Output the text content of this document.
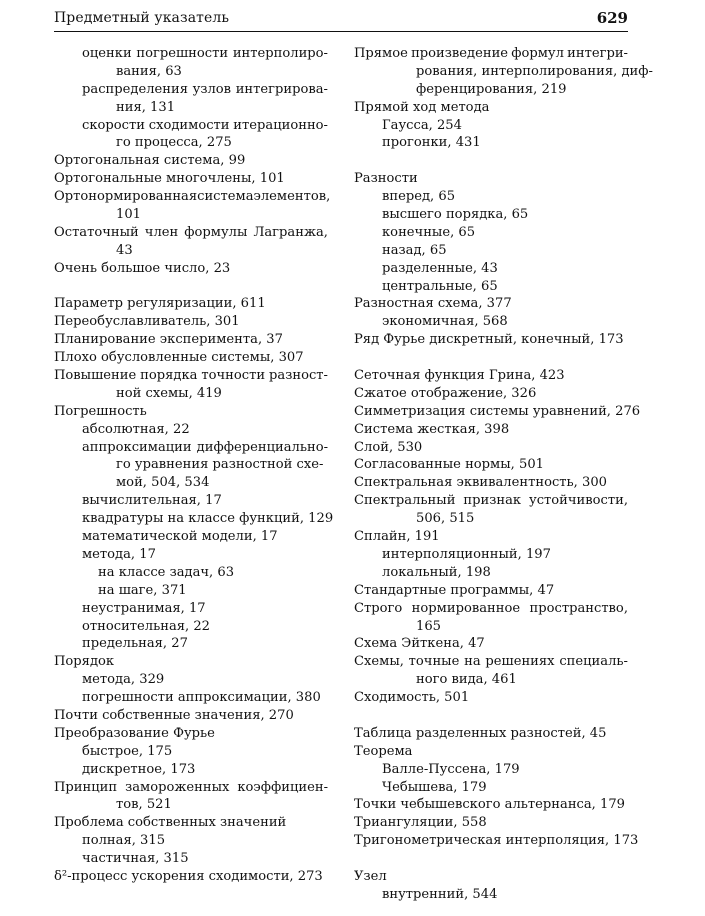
Предметный указатель	629
оценки погрешности интерполиро-
вания, 63
распределения узлов интегрирова-
ния, 131
скорости сходимости итерационно-
го процесса, 275
Ортогональная система, 99
Ортогональные многочлены, 101
Ортонормированная система элементов,
101
Остаточный член формулы Лагранжа,
43
Очень большое число, 23
Параметр регуляризации, 611
Переобуславливатель, 301
Планирование эксперимента, 37
Плохо обусловленные системы, 307
Повышение порядка точности разност-
ной схемы, 419
Погрешность
абсолютная, 22
аппроксимации дифференциально-
го уравнения разностной схе-
мой, 504, 534
вычислительная, 17
квадратуры на классе функций, 129
математической модели, 17
метода, 17
на классе задач, 63
на шаге, 371
неустранимая, 17
относительная, 22
предельная, 27
Порядок
метода, 329
погрешности аппроксимации, 380
Почти собственные значения, 270
Преобразование Фурье
быстрое, 175
дискретное, 173
Принцип замороженных коэффициен-
тов, 521
Проблема собственных значений
полная, 315
частичная, 315
δ²-процесс ускорения сходимости, 273
Прямое произведение формул интегри-
рования, интерполирования, диф-
ференцирования, 219
Прямой ход метода
Гаусса, 254
прогонки, 431
Разности
вперед, 65
высшего порядка, 65
конечные, 65
назад, 65
разделенные, 43
центральные, 65
Разностная схема, 377
экономичная, 568
Ряд Фурье дискретный, конечный, 173
Сеточная функция Грина, 423
Сжатое отображение, 326
Симметризация системы уравнений, 276
Система жесткая, 398
Слой, 530
Согласованные нормы, 501
Спектральная эквивалентность, 300
Спектральный признак устойчивости,
506, 515
Сплайн, 191
интерполяционный, 197
локальный, 198
Стандартные программы, 47
Строго нормированное пространство,
165
Схема Эйткена, 47
Схемы, точные на решениях специаль-
ного вида, 461
Сходимость, 501
Таблица разделенных разностей, 45
Теорема
Валле-Пуссена, 179
Чебышева, 179
Точки чебышевского альтернанса, 179
Триангуляции, 558
Тригонометрическая интерполяция, 173
Узел
внутренний, 544
